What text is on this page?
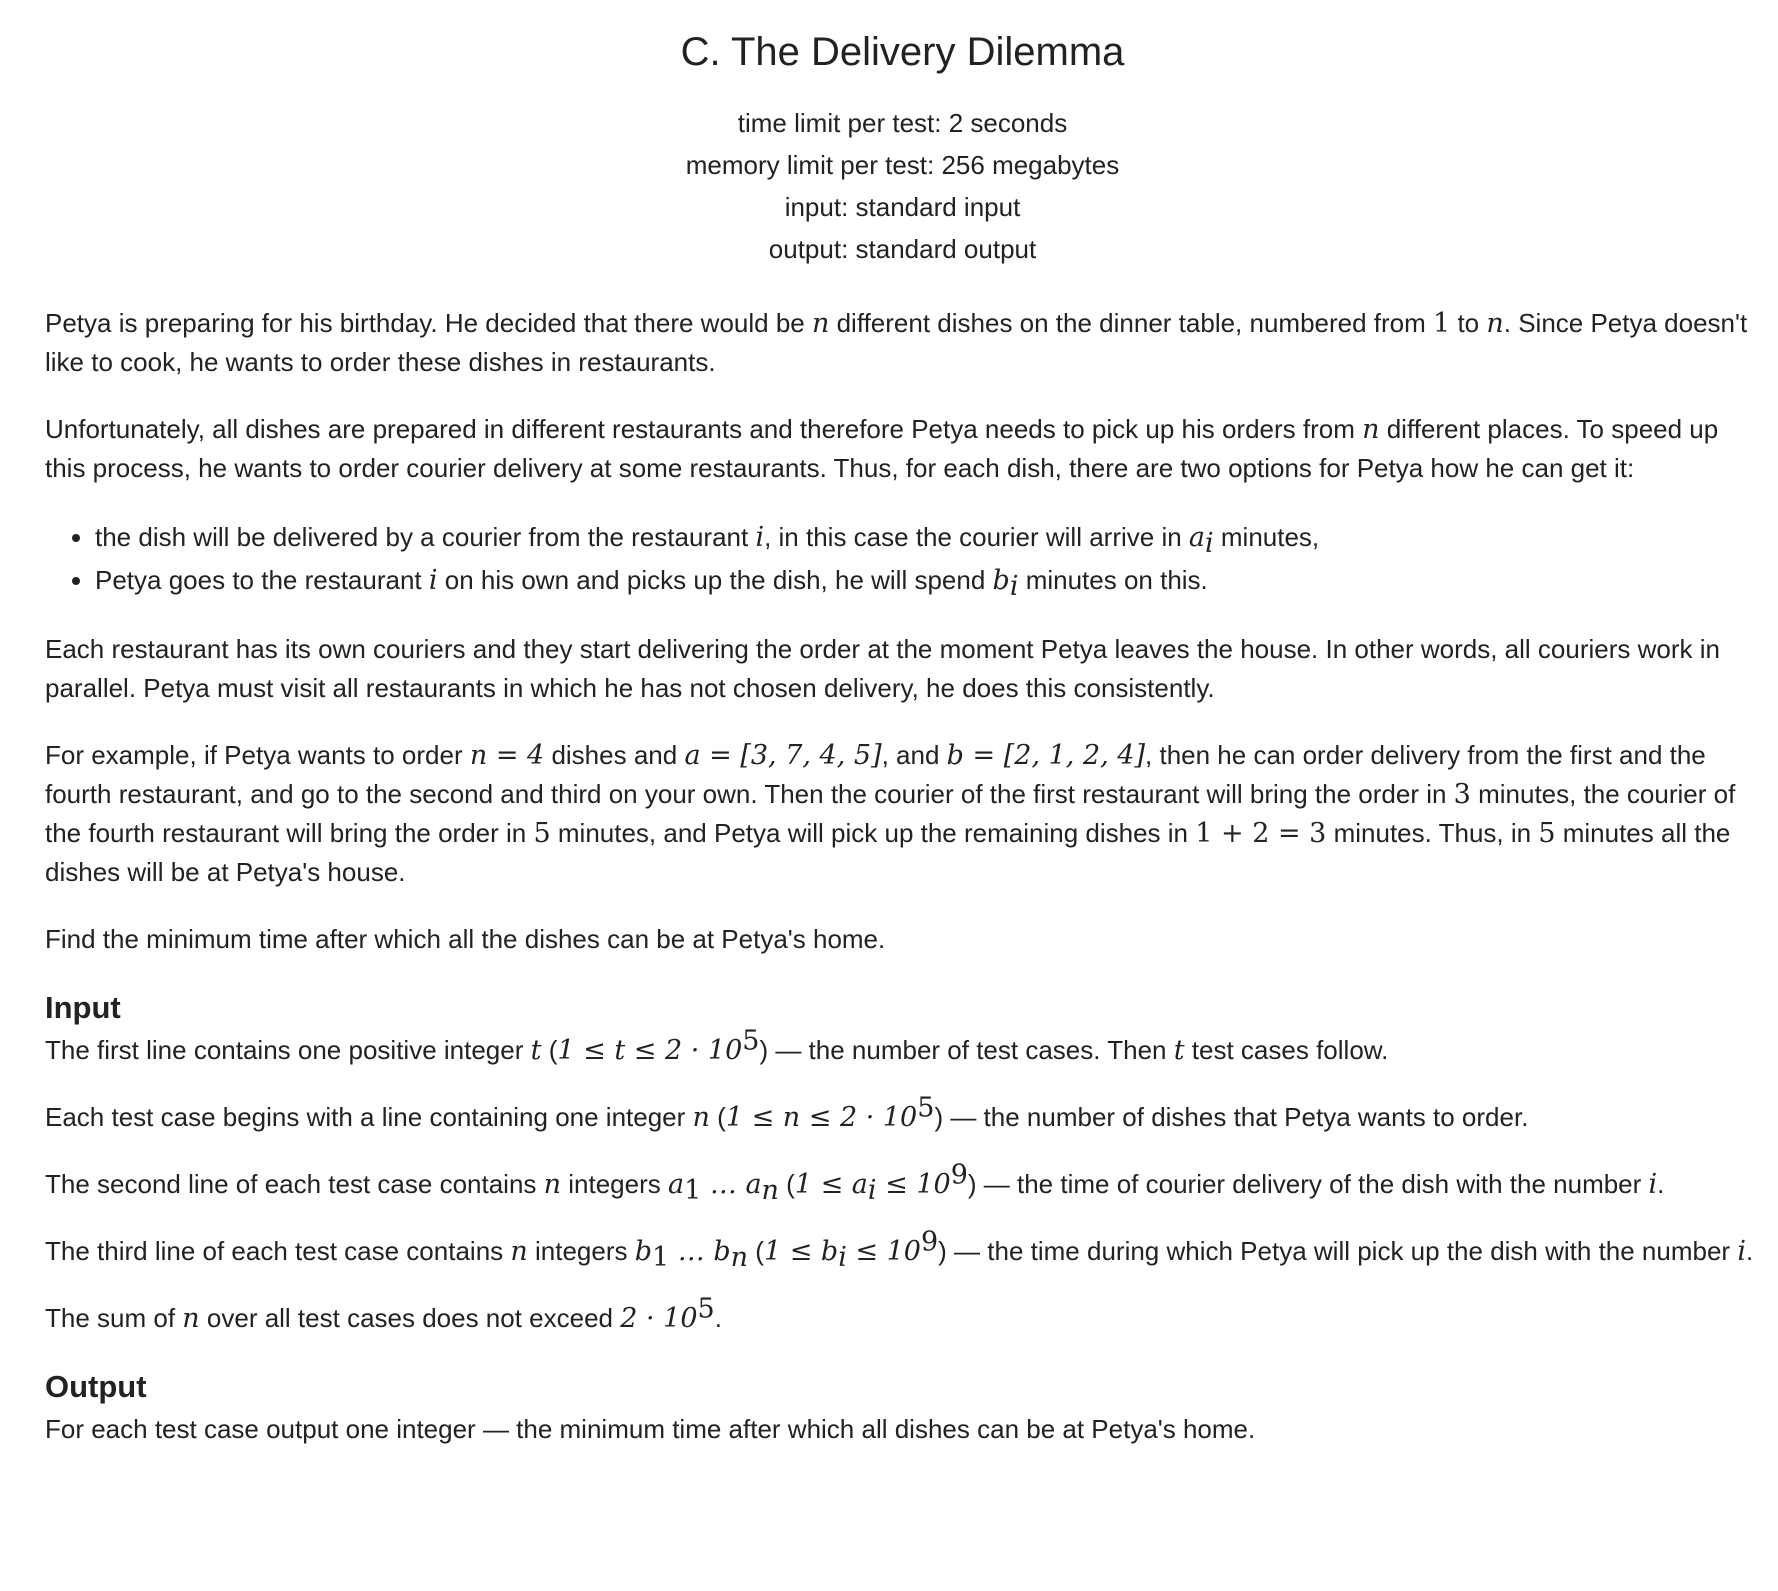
C. The Delivery Dilemma
time limit per test: 2 seconds
memory limit per test: 256 megabytes
input: standard input
output: standard output

Petya is preparing for his birthday. He decided that there would be n different dishes on the dinner table, numbered from 1 to n. Since Petya doesn't like to cook, he wants to order these dishes in restaurants.

Unfortunately, all dishes are prepared in different restaurants and therefore Petya needs to pick up his orders from n different places. To speed up this process, he wants to order courier delivery at some restaurants. Thus, for each dish, there are two options for Petya how he can get it:

• the dish will be delivered by a courier from the restaurant i, in this case the courier will arrive in $a_i$ minutes,
• Petya goes to the restaurant i on his own and picks up the dish, he will spend $b_i$ minutes on this.

Each restaurant has its own couriers and they start delivering the order at the moment Petya leaves the house. In other words, all couriers work in parallel. Petya must visit all restaurants in which he has not chosen delivery, he does this consistently.

For example, if Petya wants to order n = 4 dishes and a = [3, 7, 4, 5], and b = [2, 1, 2, 4], then he can order delivery from the first and the fourth restaurant, and go to the second and third on your own. Then the courier of the first restaurant will bring the order in 3 minutes, the courier of the fourth restaurant will bring the order in 5 minutes, and Petya will pick up the remaining dishes in 1 + 2 = 3 minutes. Thus, in 5 minutes all the dishes will be at Petya's house.

Find the minimum time after which all the dishes can be at Petya's home.

Input

The first line contains one positive integer t $(1 \le t \le 2 \cdot 10^5)$ — the number of test cases. Then t test cases follow.

Each test case begins with a line containing one integer n $(1 \le n \le 2 \cdot 10^5)$ — the number of dishes that Petya wants to order.

The second line of each test case contains n integers $a_1$ … $a_n$ $(1 \le a_i \le 10^9)$ — the time of courier delivery of the dish with the number i.

The third line of each test case contains n integers $b_1$ … $b_n$ $(1 \le b_i \le 10^9)$ — the time during which Petya will pick up the dish with the number i.

The sum of n over all test cases does not exceed $2 \cdot 10^5$.

Output

For each test case output one integer — the minimum time after which all dishes can be at Petya's home.
